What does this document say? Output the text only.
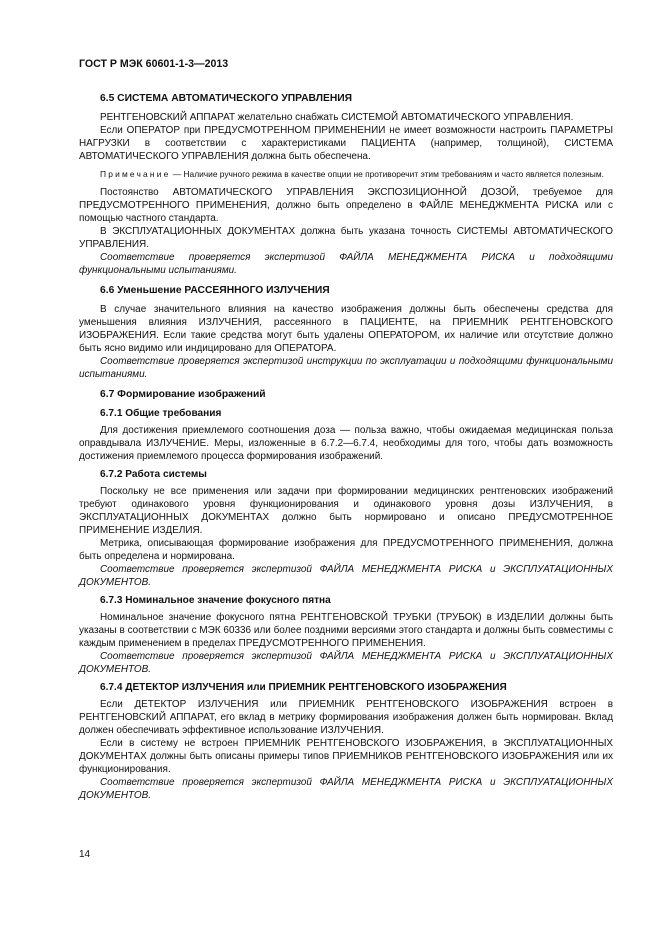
ГОСТ Р МЭК 60601-1-3—2013
6.5 СИСТЕМА АВТОМАТИЧЕСКОГО УПРАВЛЕНИЯ

РЕНТГЕНОВСКИЙ АППАРАТ желательно снабжать СИСТЕМОЙ АВТОМАТИЧЕСКОГО УПРАВЛЕНИЯ.

Если ОПЕРАТОР при ПРЕДУСМОТРЕННОМ ПРИМЕНЕНИИ не имеет возможности настроить ПАРАМЕТРЫ НАГРУЗКИ в соответствии с характеристиками ПАЦИЕНТА (например, толщиной), СИСТЕМА АВТОМАТИЧЕСКОГО УПРАВЛЕНИЯ должна быть обеспечена.

Примечание — Наличие ручного режима в качестве опции не противоречит этим требованиям и часто является полезным.

Постоянство АВТОМАТИЧЕСКОГО УПРАВЛЕНИЯ ЭКСПОЗИЦИОННОЙ ДОЗОЙ, требуемое для ПРЕДУСМОТРЕННОГО ПРИМЕНЕНИЯ, должно быть определено в ФАЙЛЕ МЕНЕДЖМЕНТА РИСКА или с помощью частного стандарта.

В ЭКСПЛУАТАЦИОННЫХ ДОКУМЕНТАХ должна быть указана точность СИСТЕМЫ АВТОМАТИЧЕСКОГО УПРАВЛЕНИЯ.

Соответствие проверяется экспертизой ФАЙЛА МЕНЕДЖМЕНТА РИСКА и подходящими функциональными испытаниями.

6.6 Уменьшение РАССЕЯННОГО ИЗЛУЧЕНИЯ

В случае значительного влияния на качество изображения должны быть обеспечены средства для уменьшения влияния ИЗЛУЧЕНИЯ, рассеянного в ПАЦИЕНТЕ, на ПРИЕМНИК РЕНТГЕНОВСКОГО ИЗОБРАЖЕНИЯ. Если такие средства могут быть удалены ОПЕРАТОРОМ, их наличие или отсутствие должно быть ясно видимо или индицировано для ОПЕРАТОРА.

Соответствие проверяется экспертизой инструкции по эксплуатации и подходящими функциональными испытаниями.

6.7 Формирование изображений
6.7.1 Общие требования

Для достижения приемлемого соотношения доза — польза важно, чтобы ожидаемая медицинская польза оправдывала ИЗЛУЧЕНИЕ. Меры, изложенные в 6.7.2—6.7.4, необходимы для того, чтобы дать возможность достижения приемлемого процесса формирования изображений.

6.7.2 Работа системы

Поскольку не все применения или задачи при формировании медицинских рентгеновских изображений требуют одинакового уровня функционирования и одинакового уровня дозы ИЗЛУЧЕНИЯ, в ЭКСПЛУАТАЦИОННЫХ ДОКУМЕНТАХ должно быть нормировано и описано ПРЕДУСМОТРЕННОЕ ПРИМЕНЕНИЕ ИЗДЕЛИЯ.

Метрика, описывающая формирование изображения для ПРЕДУСМОТРЕННОГО ПРИМЕНЕНИЯ, должна быть определена и нормирована.

Соответствие проверяется экспертизой ФАЙЛА МЕНЕДЖМЕНТА РИСКА и ЭКСПЛУАТАЦИОННЫХ ДОКУМЕНТОВ.

6.7.3 Номинальное значение фокусного пятна

Номинальное значение фокусного пятна РЕНТГЕНОВСКОЙ ТРУБКИ (ТРУБОК) в ИЗДЕЛИИ должны быть указаны в соответствии с МЭК 60336 или более поздними версиями этого стандарта и должны быть совместимы с каждым применением в пределах ПРЕДУСМОТРЕННОГО ПРИМЕНЕНИЯ.

Соответствие проверяется экспертизой ФАЙЛА МЕНЕДЖМЕНТА РИСКА и ЭКСПЛУАТАЦИОННЫХ ДОКУМЕНТОВ.

6.7.4 ДЕТЕКТОР ИЗЛУЧЕНИЯ или ПРИЕМНИК РЕНТГЕНОВСКОГО ИЗОБРАЖЕНИЯ

Если ДЕТЕКТОР ИЗЛУЧЕНИЯ или ПРИЕМНИК РЕНТГЕНОВСКОГО ИЗОБРАЖЕНИЯ встроен в РЕНТГЕНОВСКИЙ АППАРАТ, его вклад в метрику формирования изображения должен быть нормирован. Вклад должен обеспечивать эффективное использование ИЗЛУЧЕНИЯ.

Если в систему не встроен ПРИЕМНИК РЕНТГЕНОВСКОГО ИЗОБРАЖЕНИЯ, в ЭКСПЛУАТАЦИОННЫХ ДОКУМЕНТАХ должны быть описаны примеры типов ПРИЕМНИКОВ РЕНТГЕНОВСКОГО ИЗОБРАЖЕНИЯ или их функционирования.

Соответствие проверяется экспертизой ФАЙЛА МЕНЕДЖМЕНТА РИСКА и ЭКСПЛУАТАЦИОННЫХ ДОКУМЕНТОВ.

14
